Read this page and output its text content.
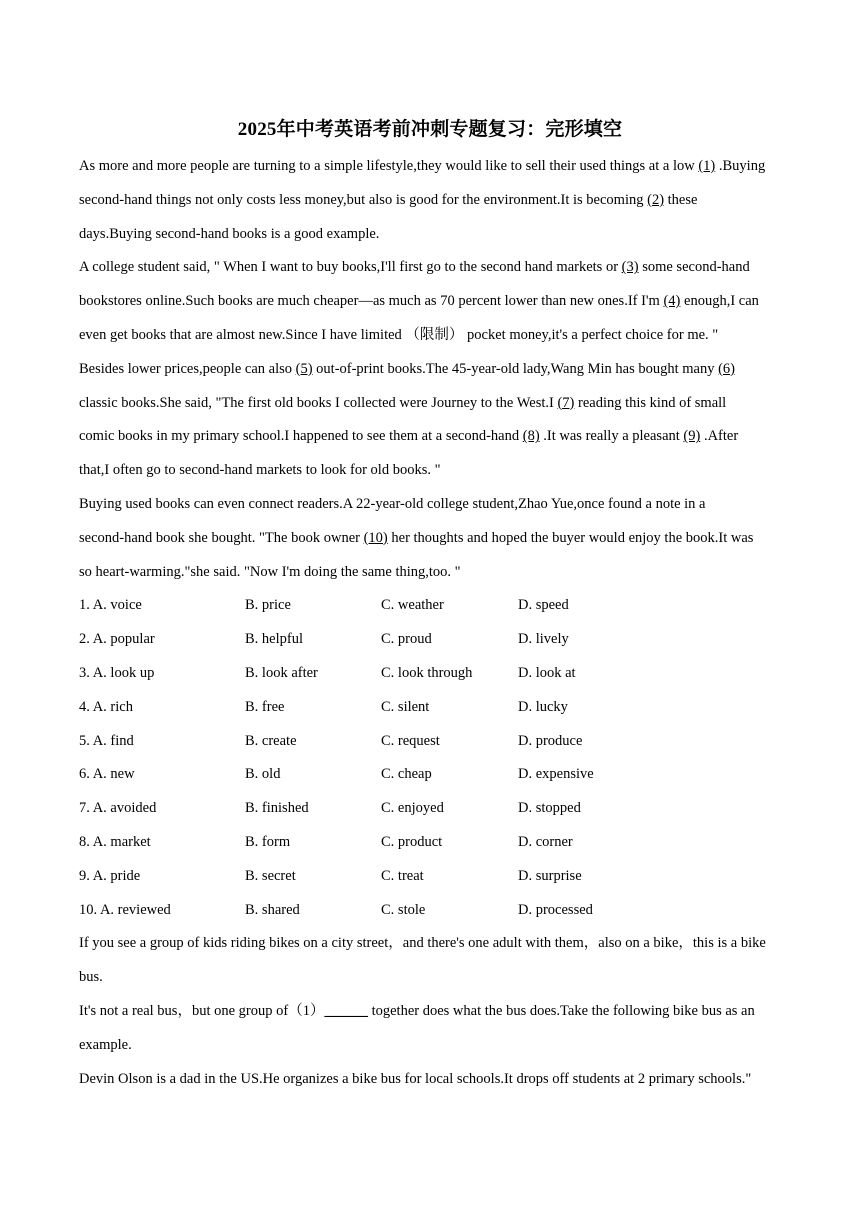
2025年中考英语考前冲刺专题复习：完形填空
As more and more people are turning to a simple lifestyle,they would like to sell their used things at a low (1) .Buying
second-hand things not only costs less money,but also is good for the environment.It is becoming (2) these
days.Buying second-hand books is a good example.
A college student said, " When I want to buy books,I'll first go to the second hand markets or (3) some second-hand
bookstores online.Such books are much cheaper—as much as 70 percent lower than new ones.If I'm (4) enough,I can
even get books that are almost new.Since I have limited （限制） pocket money,it's a perfect choice for me. "
Besides lower prices,people can also (5) out-of-print books.The 45-year-old lady,Wang Min has bought many (6)
classic books.She said, "The first old books I collected were Journey to the West.I (7) reading this kind of small
comic books in my primary school.I happened to see them at a second-hand (8) .It was really a pleasant (9) .After
that,I often go to second-hand markets to look for old books. "
Buying used books can even connect readers.A 22-year-old college student,Zhao Yue,once found a note in a
second-hand book she bought. "The book owner (10) her thoughts and hoped the buyer would enjoy the book.It was
so heart-warming."she said. "Now I'm doing the same thing,too. "
1. A. voice	B. price	C. weather	D. speed
2. A. popular	B. helpful	C. proud	D. lively
3. A. look up	B. look after	C. look through	D. look at
4. A. rich	B. free	C. silent	D. lucky
5. A. find	B. create	C. request	D. produce
6. A. new	B. old	C. cheap	D. expensive
7. A. avoided	B. finished	C. enjoyed	D. stopped
8. A. market	B. form	C. product	D. corner
9. A. pride	B. secret	C. treat	D. surprise
10. A. reviewed	B. shared	C. stole	D. processed
If you see a group of kids riding bikes on a city street，and there's one adult with them，also on a bike，this is a bike
bus.
It's not a real bus，but one group of（1）______ together does what the bus does.Take the following bike bus as an
example.
Devin Olson is a dad in the US.He organizes a bike bus for local schools.It drops off students at 2 primary schools."
